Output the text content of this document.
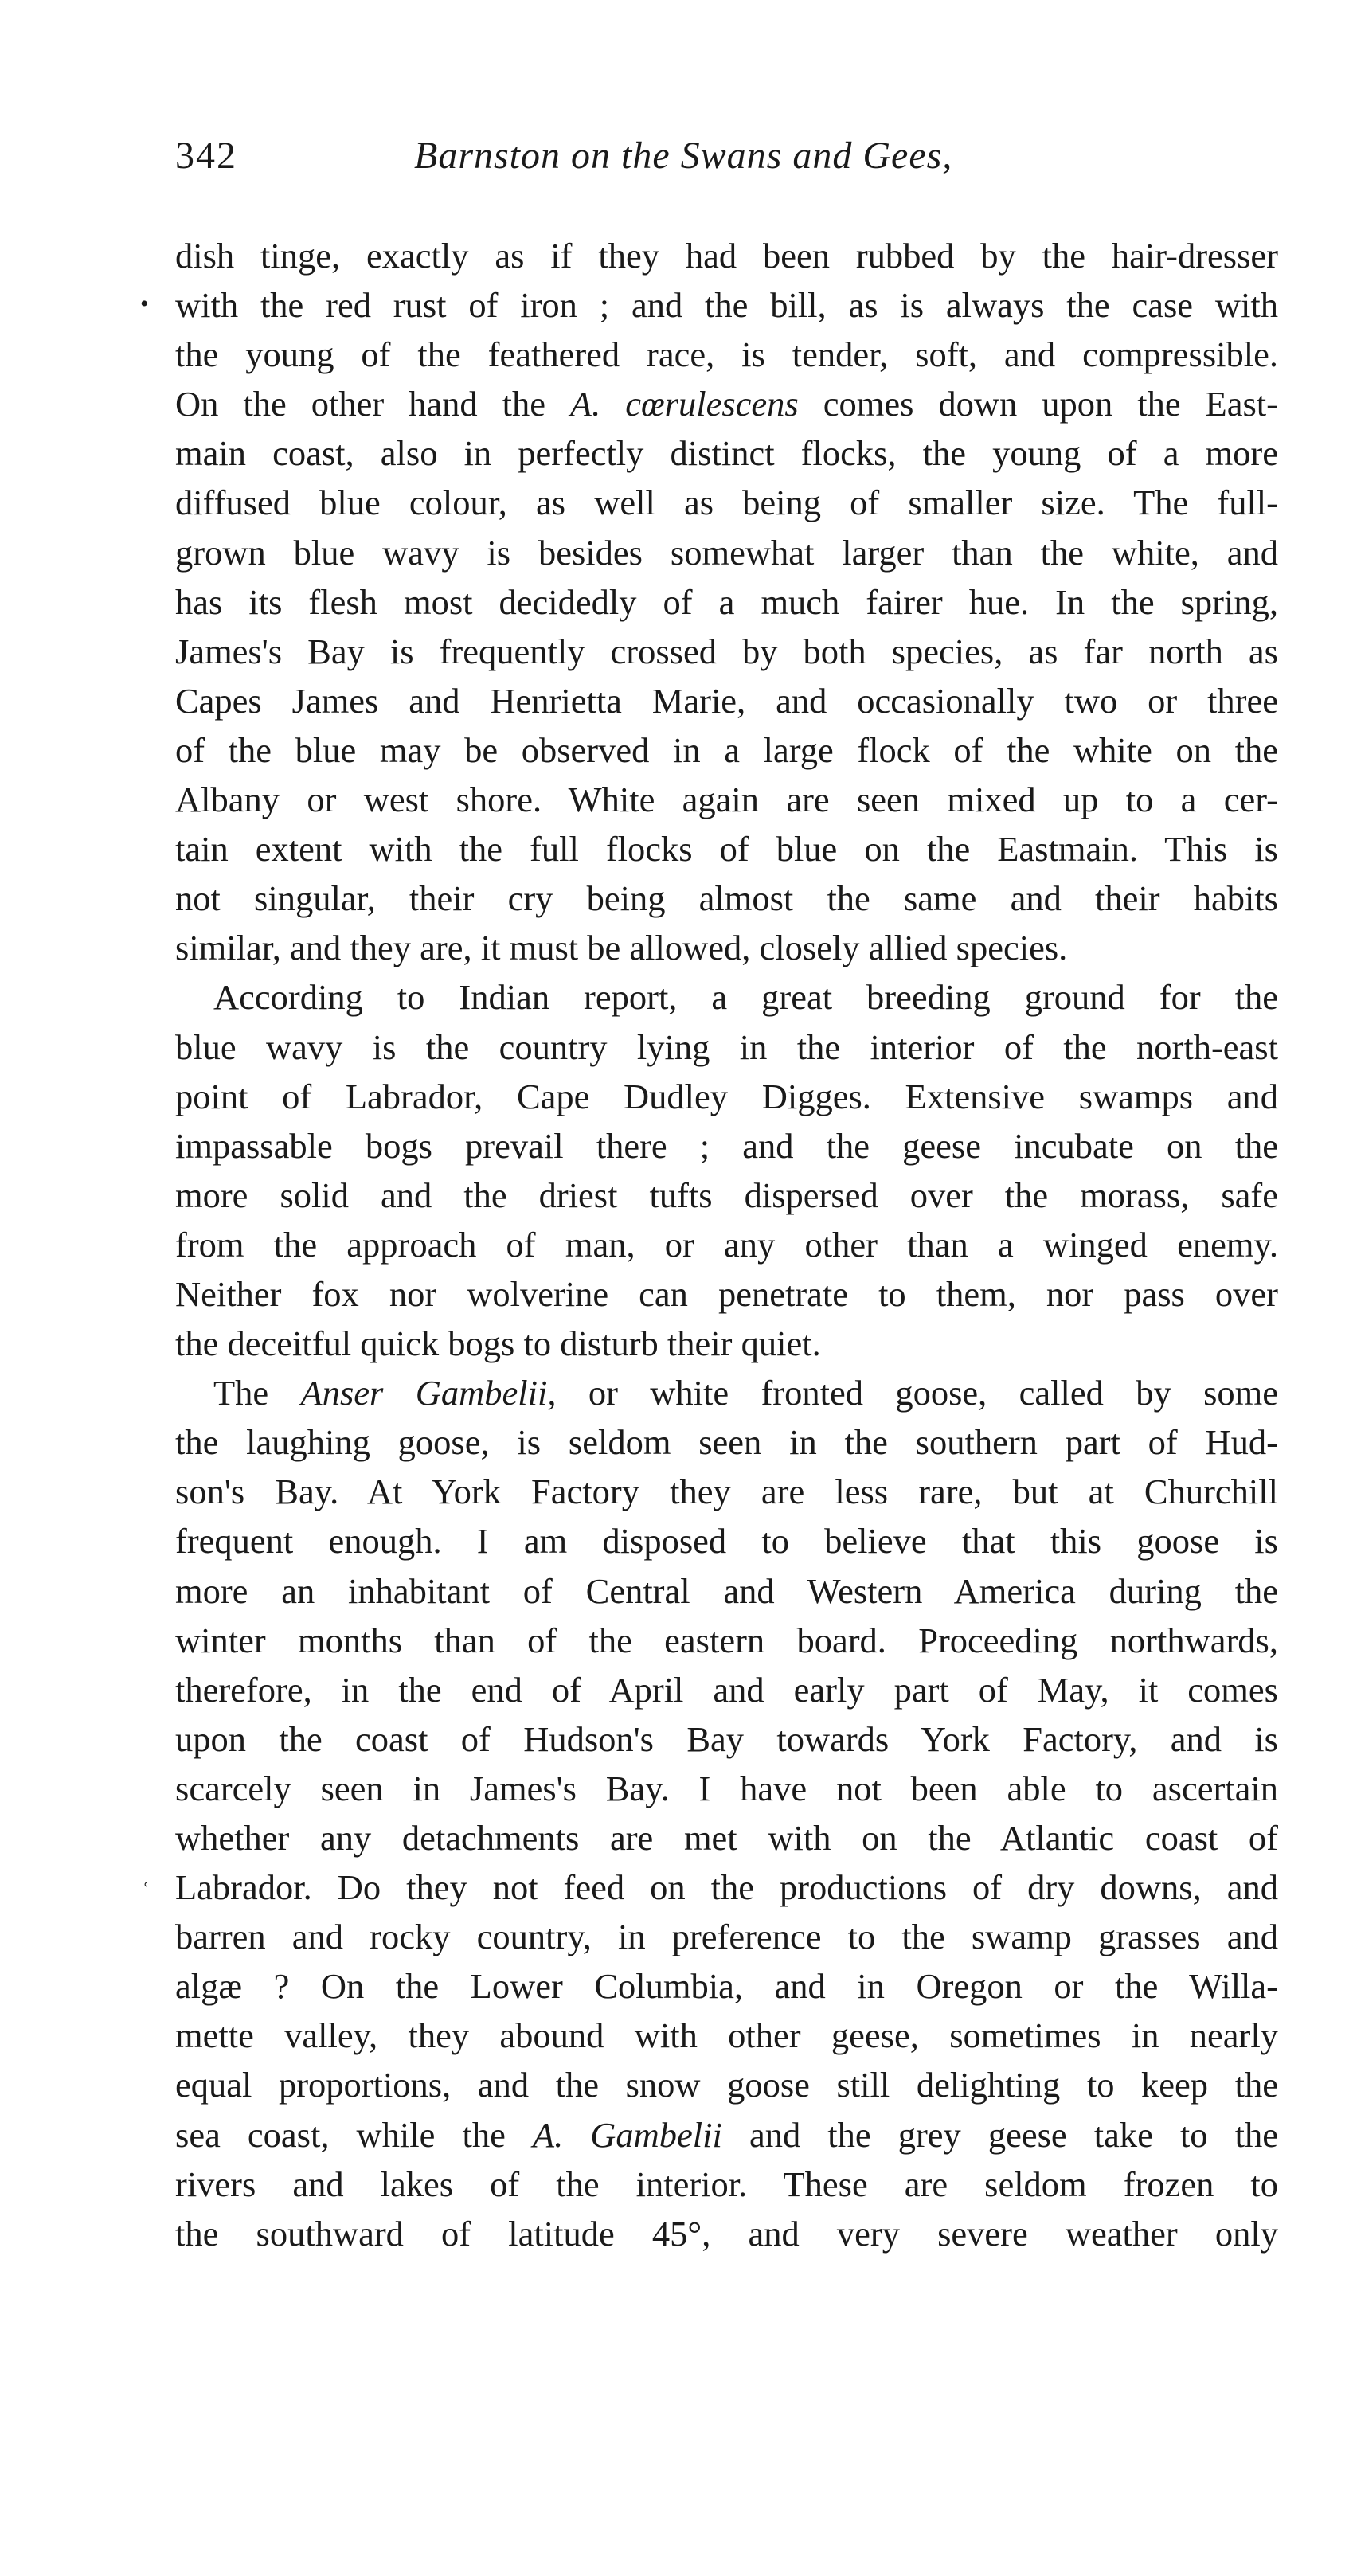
342	Barnston on the Swans and Gees,
•
˓
dish tinge, exactly as if they had been rubbed by the hair-dresser
with the red rust of iron ; and the bill, as is always the case with
the young of the feathered race, is tender, soft, and compressible.
On the other hand the A. cœrulescens comes down upon the East-
main coast, also in perfectly distinct flocks, the young of a more
diffused blue colour, as well as being of smaller size. The full-
grown blue wavy is besides somewhat larger than the white, and
has its flesh most decidedly of a much fairer hue. In the spring,
James's Bay is frequently crossed by both species, as far north as
Capes James and Henrietta Marie, and occasionally two or three
of the blue may be observed in a large flock of the white on the
Albany or west shore. White again are seen mixed up to a cer-
tain extent with the full flocks of blue on the Eastmain. This is
not singular, their cry being almost the same and their habits
similar, and they are, it must be allowed, closely allied species.
According to Indian report, a great breeding ground for the
blue wavy is the country lying in the interior of the north-east
point of Labrador, Cape Dudley Digges. Extensive swamps and
impassable bogs prevail there ; and the geese incubate on the
more solid and the driest tufts dispersed over the morass, safe
from the approach of man, or any other than a winged enemy.
Neither fox nor wolverine can penetrate to them, nor pass over
the deceitful quick bogs to disturb their quiet.
The Anser Gambelii, or white fronted goose, called by some
the laughing goose, is seldom seen in the southern part of Hud-
son's Bay. At York Factory they are less rare, but at Churchill
frequent enough. I am disposed to believe that this goose is
more an inhabitant of Central and Western America during the
winter months than of the eastern board. Proceeding northwards,
therefore, in the end of April and early part of May, it comes
upon the coast of Hudson's Bay towards York Factory, and is
scarcely seen in James's Bay. I have not been able to ascertain
whether any detachments are met with on the Atlantic coast of
Labrador. Do they not feed on the productions of dry downs, and
barren and rocky country, in preference to the swamp grasses and
algæ ? On the Lower Columbia, and in Oregon or the Willa-
mette valley, they abound with other geese, sometimes in nearly
equal proportions, and the snow goose still delighting to keep the
sea coast, while the A. Gambelii and the grey geese take to the
rivers and lakes of the interior. These are seldom frozen to
the southward of latitude 45°, and very severe weather only
